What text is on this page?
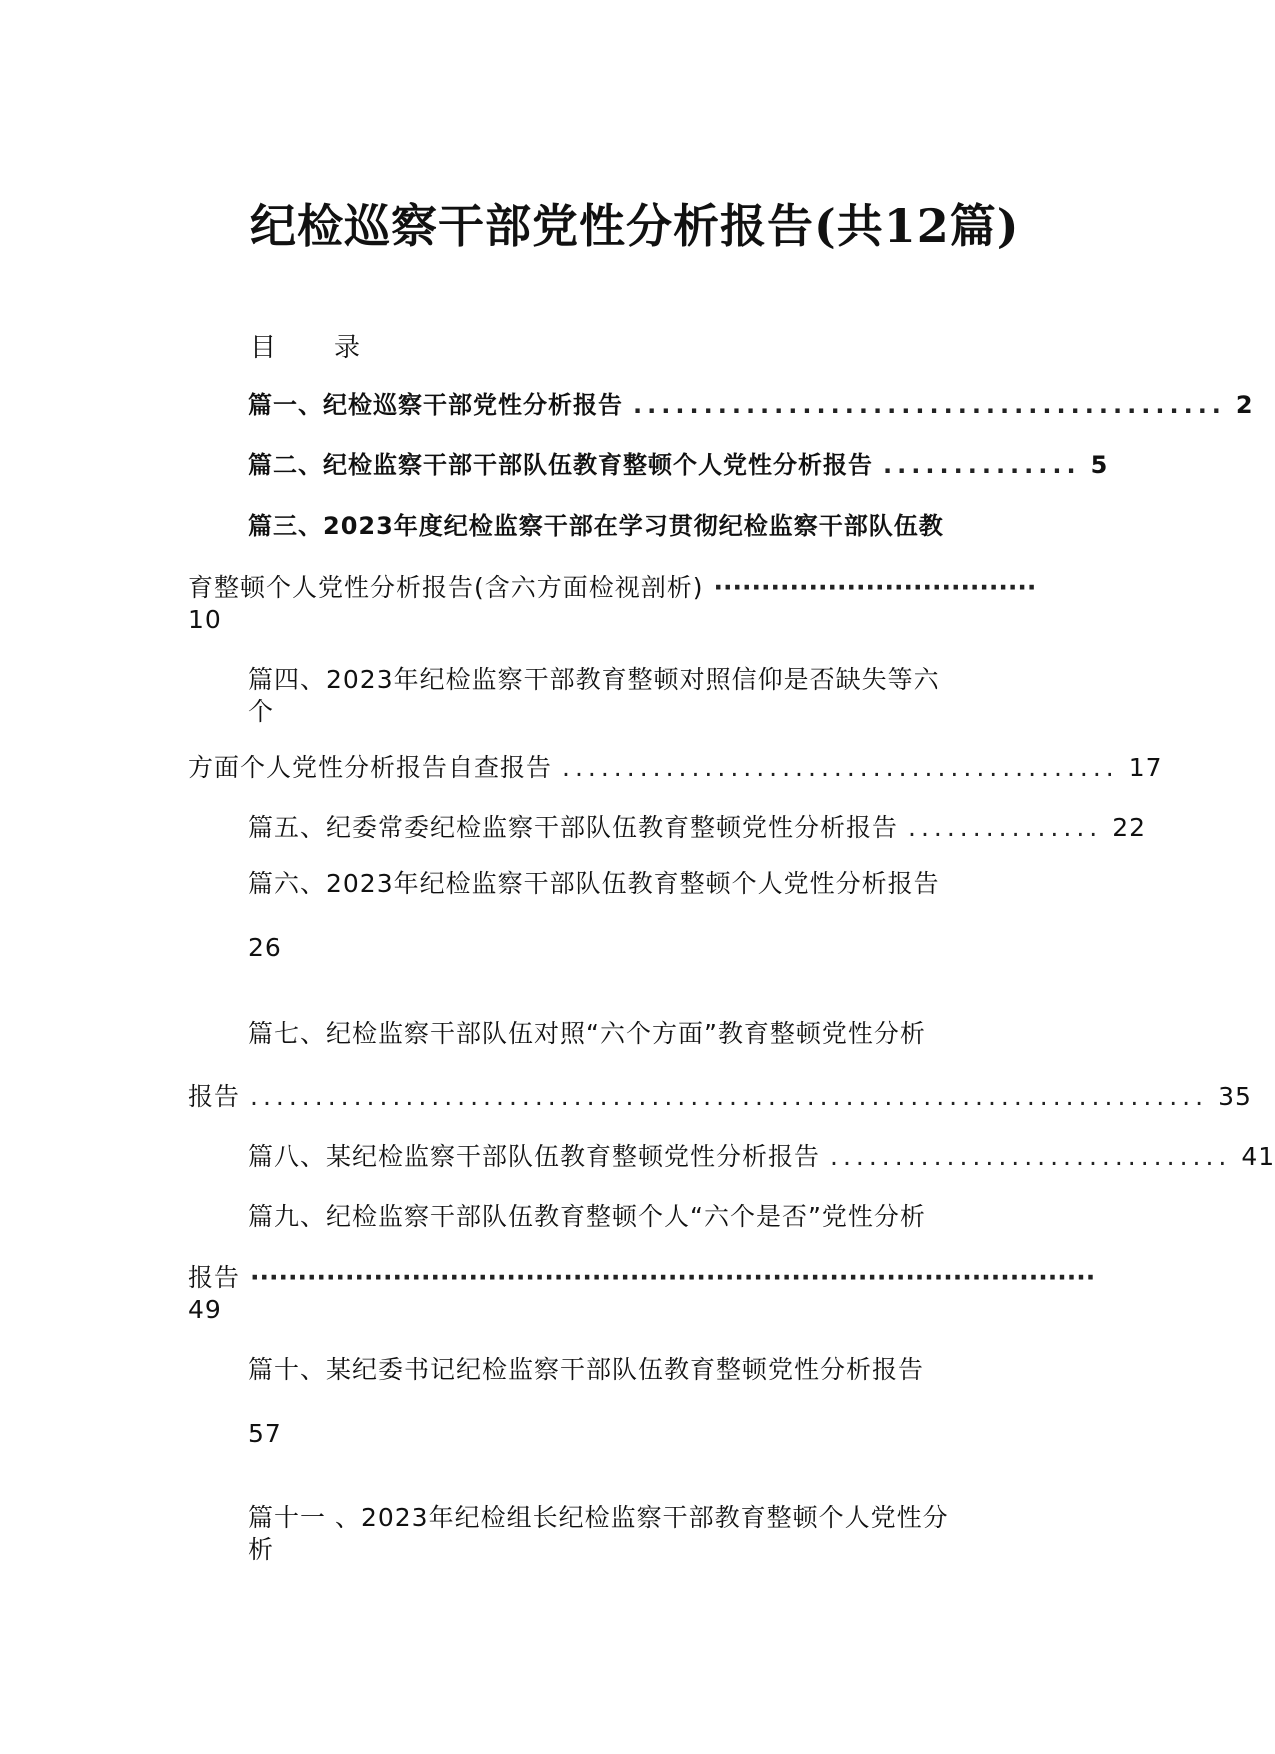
纪检巡察干部党性分析报告(共12篇)
目　　录
篇一、纪检巡察干部党性分析报告 .......................................... 2
篇二、纪检监察干部干部队伍教育整顿个人党性分析报告 .............. 5
篇三、2023年度纪检监察干部在学习贯彻纪检监察干部队伍教
育整顿个人党性分析报告(含六方面检视剖析) ··································
10
篇四、2023年纪检监察干部教育整顿对照信仰是否缺失等六
个
方面个人党性分析报告自查报告 ........................................... 17
篇五、纪委常委纪检监察干部队伍教育整顿党性分析报告 ............... 22
篇六、2023年纪检监察干部队伍教育整顿个人党性分析报告
26
篇七、纪检监察干部队伍对照“六个方面”教育整顿党性分析
报告 .......................................................................... 35
篇八、某纪检监察干部队伍教育整顿党性分析报告 ............................... 41
篇九、纪检监察干部队伍教育整顿个人“六个是否”党性分析
报告 ·························································································
49
篇十、某纪委书记纪检监察干部队伍教育整顿党性分析报告
57
篇十一 、2023年纪检组长纪检监察干部教育整顿个人党性分
析
